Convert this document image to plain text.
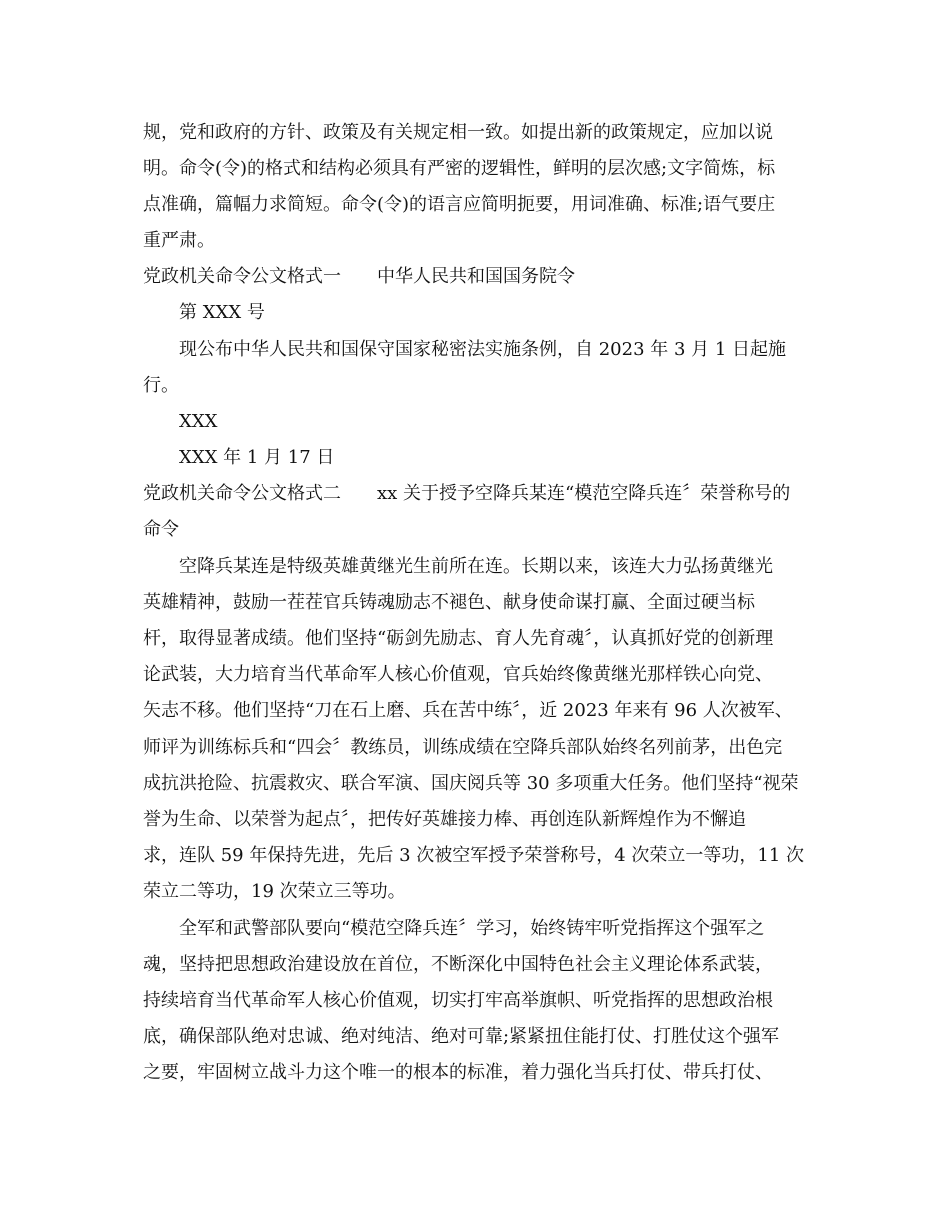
规，党和政府的方针、政策及有关规定相一致。如提出新的政策规定，应加以说
明。命令(令)的格式和结构必须具有严密的逻辑性，鲜明的层次感;文字简炼，标
点准确，篇幅力求简短。命令(令)的语言应简明扼要，用词准确、标准;语气要庄
重严肃。
党政机关命令公文格式一 中华人民共和国国务院令
第 XXX 号
现公布中华人民共和国保守国家秘密法实施条例，自 2023 年 3 月 1 日起施
行。
XXX
XXX 年 1 月 17 日
党政机关命令公文格式二 xx 关于授予空降兵某连“模范空降兵连〞荣誉称号的
命令
空降兵某连是特级英雄黄继光生前所在连。长期以来，该连大力弘扬黄继光
英雄精神，鼓励一茬茬官兵铸魂励志不褪色、献身使命谋打赢、全面过硬当标
杆，取得显著成绩。他们坚持“砺剑先励志、育人先育魂〞，认真抓好党的创新理
论武装，大力培育当代革命军人核心价值观，官兵始终像黄继光那样铁心向党、
矢志不移。他们坚持“刀在石上磨、兵在苦中练〞，近 2023 年来有 96 人次被军、
师评为训练标兵和“四会〞教练员，训练成绩在空降兵部队始终名列前茅，出色完
成抗洪抢险、抗震救灾、联合军演、国庆阅兵等 30 多项重大任务。他们坚持“视荣
誉为生命、以荣誉为起点〞，把传好英雄接力棒、再创连队新辉煌作为不懈追
求，连队 59 年保持先进，先后 3 次被空军授予荣誉称号，4 次荣立一等功，11 次
荣立二等功，19 次荣立三等功。
全军和武警部队要向“模范空降兵连〞学习，始终铸牢听党指挥这个强军之
魂，坚持把思想政治建设放在首位，不断深化中国特色社会主义理论体系武装，
持续培育当代革命军人核心价值观，切实打牢高举旗帜、听党指挥的思想政治根
底，确保部队绝对忠诚、绝对纯洁、绝对可靠;紧紧扭住能打仗、打胜仗这个强军
之要，牢固树立战斗力这个唯一的根本的标准，着力强化当兵打仗、带兵打仗、
